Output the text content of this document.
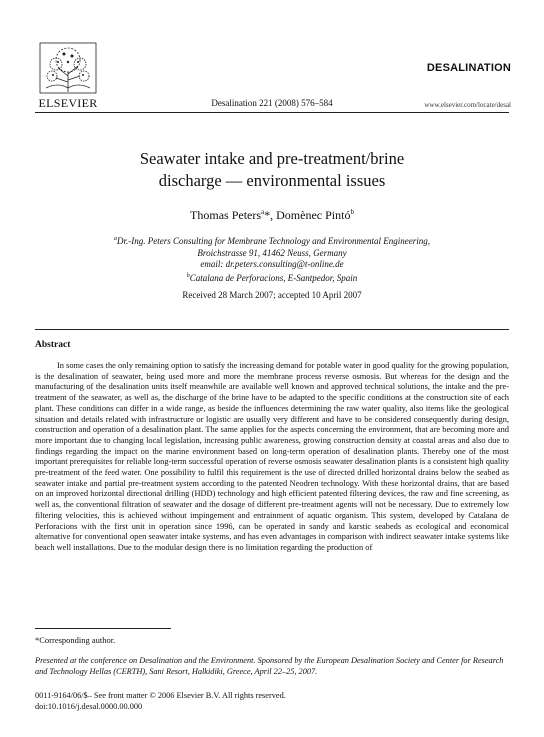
ELSEVIER	Desalination 221 (2008) 576–584
DESALINATION
www.elsevier.com/locate/desal
Seawater intake and pre-treatment/brine
discharge — environmental issues
Thomas Peters$^a$*, Domènec Pintó$^b$
$^a$Dr.-Ing. Peters Consulting for Membrane Technology and Environmental Engineering,
Broichstrasse 91, 41462 Neuss, Germany
email: dr.peters.consulting@t-online.de
$^b$Catalana de Perforacions, E-Santpedor, Spain
Received 28 March 2007; accepted 10 April 2007
Abstract

In some cases the only remaining option to satisfy the increasing demand for potable water in good quality for the growing population, is the desalination of seawater, being used more and more the membrane process reverse osmosis. But whereas for the design and the manufacturing of the desalination units itself meanwhile are available well known and approved technical solutions, the intake and the pre-treatment of the seawater, as well as, the discharge of the brine have to be adapted to the specific conditions at the construction site of each plant. These conditions can differ in a wide range, as beside the influences determining the raw water quality, also items like the geological situation and details related with infrastructure or logistic are usually very different and have to be considered consequently during design, construction and operation of a desalination plant. The same applies for the aspects concerning the environment, that are becoming more and more important due to changing local legislation, increasing public awareness, growing construction density at coastal areas and also due to findings regarding the impact on the marine environment based on long-term operation of desalination plants. Thereby one of the most important prerequisites for reliable long-term successful operation of reverse osmosis seawater desalination plants is a consistent high quality pre-treatment of the feed water. One possibility to fulfil this requirement is the use of directed drilled horizontal drains below the seabed as seawater intake and partial pre-treatment system according to the patented Neodren technology. With these horizontal drains, that are based on an improved horizontal directional drilling (HDD) technology and high efficient patented filtering devices, the raw and fine screening, as well as, the conventional filtration of seawater and the dosage of different pre-treatment agents will not be necessary. Due to extremely low filtering velocities, this is achieved without impingement and entrainment of aquatic organism. This system, developed by Catalana de Perforacions with the first unit in operation since 1996, can be operated in sandy and karstic seabeds as ecological and economical alternative for conventional open seawater intake systems, and has even advantages in comparison with indirect seawater intake systems like beach well installations. Due to the modular design there is no limitation regarding the production of

*Corresponding author.

Presented at the conference on Desalination and the Environment. Sponsored by the European Desalination Society and Center for Research and Technology Hellas (CERTH), Sani Resort, Halkidiki, Greece, April 22–25, 2007.

0011-9164/06/$– See front matter © 2006 Elsevier B.V. All rights reserved.
doi:10.1016/j.desal.0000.00.000
